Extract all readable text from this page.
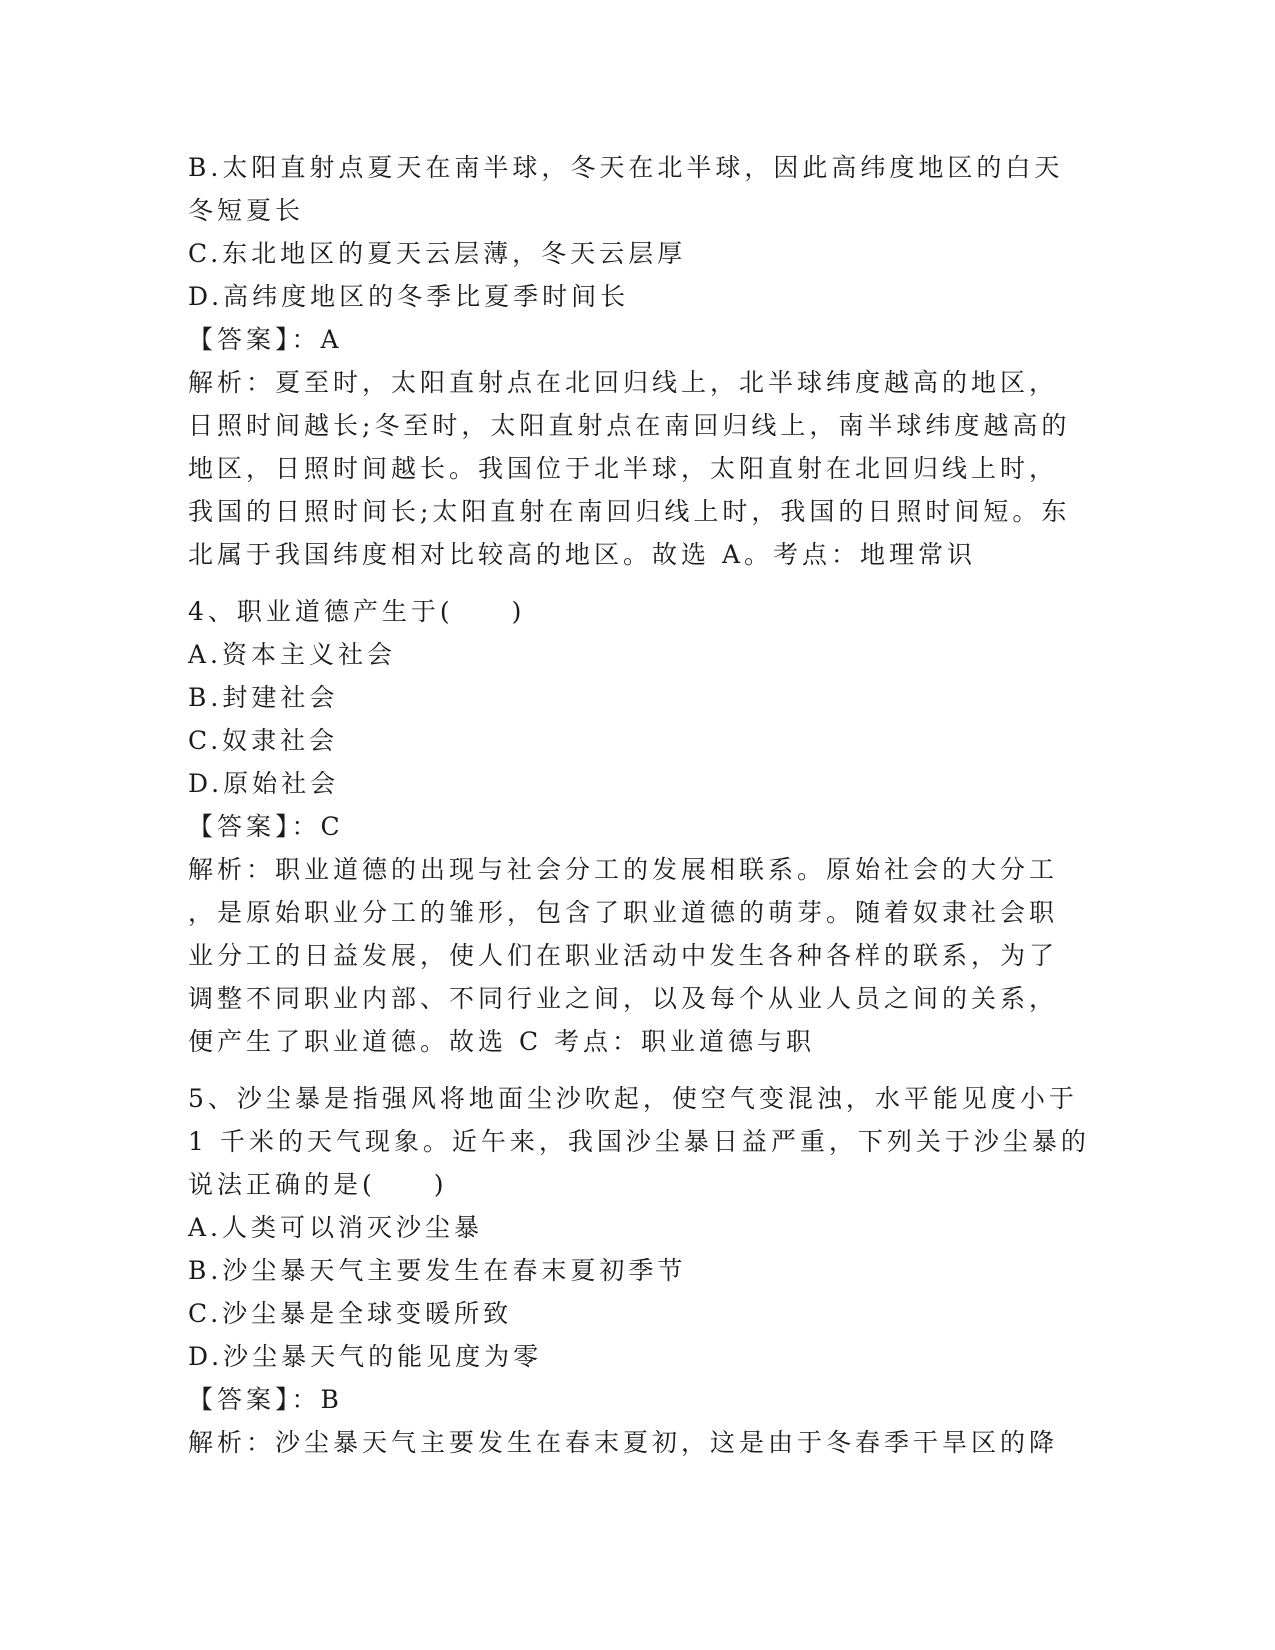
B.太阳直射点夏天在南半球，冬天在北半球，因此高纬度地区的白天
冬短夏长
C.东北地区的夏天云层薄，冬天云层厚
D.高纬度地区的冬季比夏季时间长
【答案】：A
解析：夏至时，太阳直射点在北回归线上，北半球纬度越高的地区，
日照时间越长;冬至时，太阳直射点在南回归线上，南半球纬度越高的
地区，日照时间越长。我国位于北半球，太阳直射在北回归线上时，
我国的日照时间长;太阳直射在南回归线上时，我国的日照时间短。东
北属于我国纬度相对比较高的地区。故选 A。考点：地理常识
4、职业道德产生于(　　)
A.资本主义社会
B.封建社会
C.奴隶社会
D.原始社会
【答案】：C
解析：职业道德的出现与社会分工的发展相联系。原始社会的大分工
，是原始职业分工的雏形，包含了职业道德的萌芽。随着奴隶社会职
业分工的日益发展，使人们在职业活动中发生各种各样的联系，为了
调整不同职业内部、不同行业之间，以及每个从业人员之间的关系，
便产生了职业道德。故选 C 考点：职业道德与职
5、沙尘暴是指强风将地面尘沙吹起，使空气变混浊，水平能见度小于
1 千米的天气现象。近午来，我国沙尘暴日益严重，下列关于沙尘暴的
说法正确的是(　　)
A.人类可以消灭沙尘暴
B.沙尘暴天气主要发生在春末夏初季节
C.沙尘暴是全球变暖所致
D.沙尘暴天气的能见度为零
【答案】：B
解析：沙尘暴天气主要发生在春末夏初，这是由于冬春季干旱区的降
